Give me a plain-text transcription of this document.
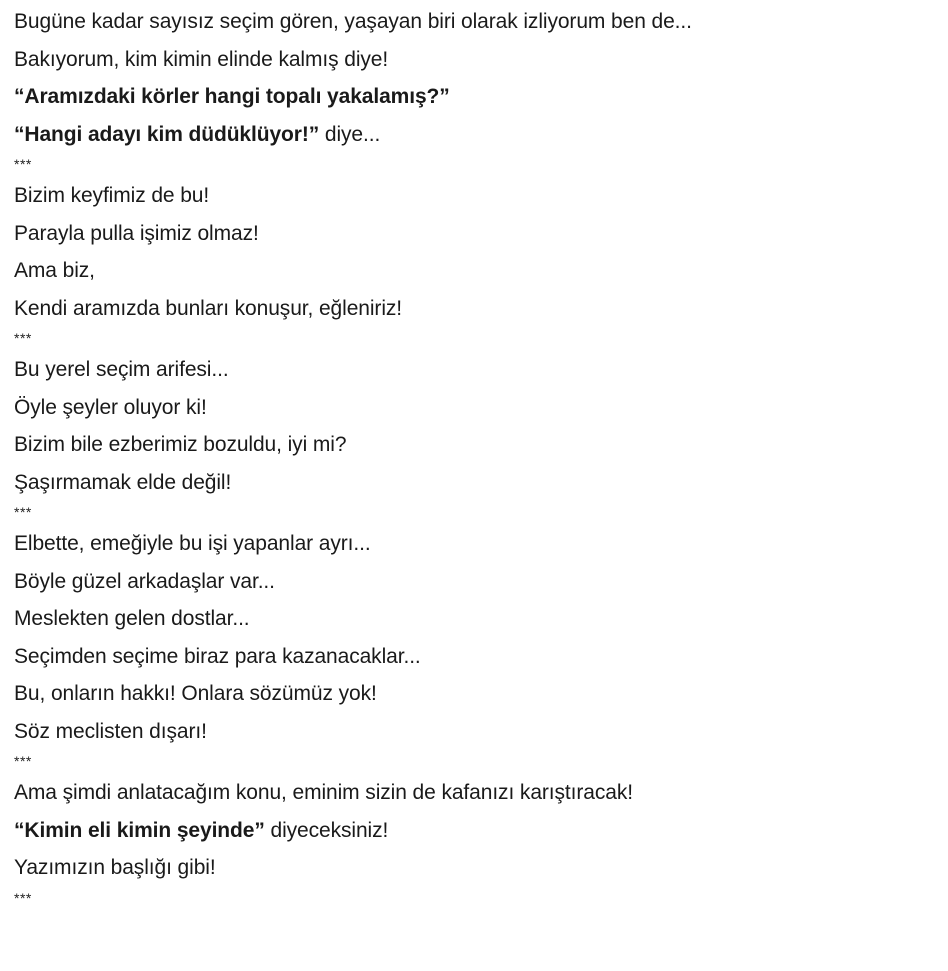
Bugüne kadar sayısız seçim gören, yaşayan biri olarak izliyorum ben de...
Bakıyorum, kim kimin elinde kalmış diye!
“Aramızdaki körler hangi topalı yakalamış?”
“Hangi adayı kim düdüklüyor!” diye...
***
Bizim keyfimiz de bu!
Parayla pulla işimiz olmaz!
Ama biz,
Kendi aramızda bunları konuşur, eğleniriz!
***
Bu yerel seçim arifesi...
Öyle şeyler oluyor ki!
Bizim bile ezberimiz bozuldu, iyi mi?
Şaşırmamak elde değil!
***
Elbette, emeğiyle bu işi yapanlar ayrı...
Böyle güzel arkadaşlar var...
Meslekten gelen dostlar...
Seçimden seçime biraz para kazanacaklar...
Bu, onların hakkı! Onlara sözümüz yok!
Söz meclisten dışarı!
***
Ama şimdi anlatacağım konu, eminim sizin de kafanızı karıştıracak!
“Kimin eli kimin şeyinde” diyeceksiniz!
Yazımızın başlığı gibi!
***
